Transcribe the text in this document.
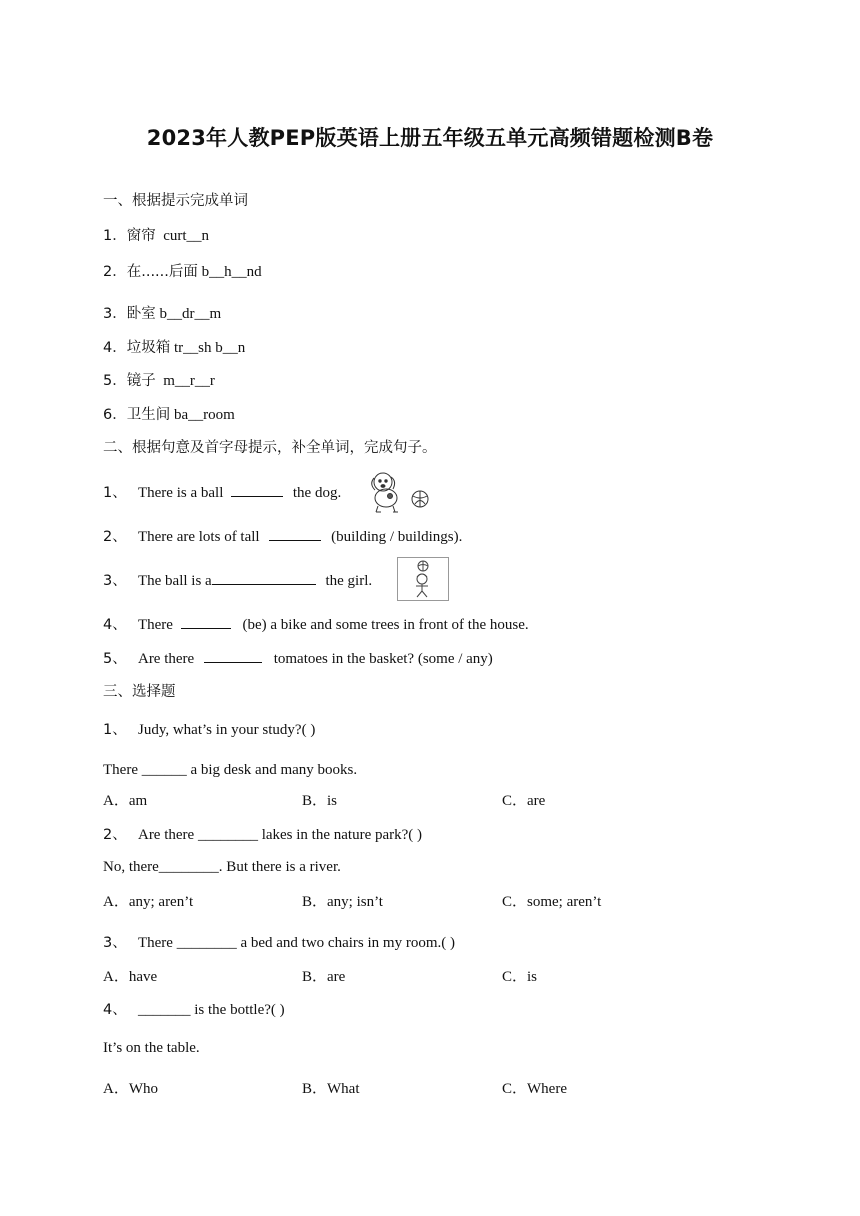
2023年人教PEP版英语上册五年级五单元高频错题检测B卷
一、根据提示完成单词
1．窗帘 curt__n
2．在......后面 b__h__nd
3．卧室 b__dr__m
4．垃圾箱 tr__sh b__n
5．镜子 m__r__r
6．卫生间 ba__room
二、根据句意及首字母提示，补全单词，完成句子。
1、 There is a ball	the dog.
2、 There are lots of tall	(building / buildings).
3、 The ball is a	the girl.
4、 There	(be) a bike and some trees in front of the house.
5、 Are there	tomatoes in the basket? (some / any)
三、选择题
1、 Judy, what’s in your study?( )
There ______ a big desk and many books.
A．am	B．is	C．are
2、 Are there ________ lakes in the nature park?( )
No, there________. But there is a river.
A．any; aren’t	B．any; isn’t	C．some; aren’t
3、 There ________ a bed and two chairs in my room.( )
A．have	B．are	C．is
4、 _______ is the bottle?( )
It’s on the table.
A．Who	B．What	C．Where
